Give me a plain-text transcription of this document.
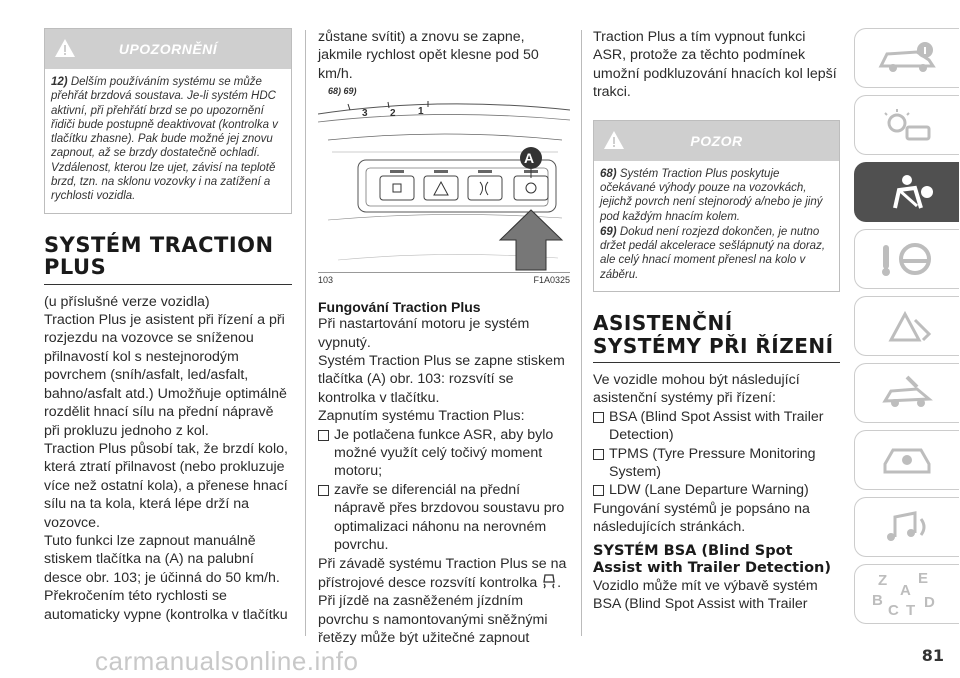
UPOZORNĚNÍ

12) Delším používáním systému se může přehřát brzdová soustava. Je-li systém HDC aktivní, při přehřátí brzd se po upozornění řidiči bude postupně deaktivovat (kontrolka v tlačítku zhasne). Pak bude možné jej znovu zapnout, až se brzdy dostatečně ochladí. Vzdálenost, kterou lze ujet, závisí na teplotě brzd, tzn. na sklonu vozovky i na zatížení a rychlosti vozidla.

SYSTÉM TRACTION PLUS

(u příslušné verze vozidla)

Traction Plus je asistent při řízení a při rozjezdu na vozovce se sníženou přilnavostí kol s nestejnorodým povrchem (sníh/asfalt, led/asfalt, bahno/asfalt atd.) Umožňuje optimálně rozdělit hnací sílu na přední nápravě při prokluzu jednoho z kol.

Traction Plus působí tak, že brzdí kolo, která ztratí přilnavost (nebo prokluzuje více než ostatní kola), a přenese hnací sílu na ta kola, která lépe drží na vozovce.

Tuto funkci lze zapnout manuálně stiskem tlačítka na (A) na palubní desce obr. 103; je účinná do 50 km/h. Překročením této rychlosti se automaticky vypne (kontrolka v tlačítku

zůstane svítit) a znovu se zapne, jakmile rychlost opět klesne pod 50 km/h.

68) 69)
3 2 1
A
103	F1A0325
Fungování Traction Plus

Při nastartování motoru je systém vypnutý.

Systém Traction Plus se zapne stiskem tlačítka (A) obr. 103: rozsvítí se kontrolka v tlačítku.

Zapnutím systému Traction Plus:

Je potlačena funkce ASR, aby bylo možné využít celý točivý moment motoru;
zavře se diferenciál na přední nápravě přes brzdovou soustavu pro optimalizaci náhonu na nerovném povrchu.

Při závadě systému Traction Plus se na přístrojové desce rozsvítí kontrolka .

Při jízdě na zasněženém jízdním povrchu s namontovanými sněžnými řetězy může být užitečné zapnout

Traction Plus a tím vypnout funkci ASR, protože za těchto podmínek umožní podkluzování hnacích kol lepší trakci.

POZOR

68) Systém Traction Plus poskytuje očekávané výhody pouze na vozovkách, jejichž povrch není stejnorodý a/nebo je jiný pod každým hnacím kolem.

69) Dokud není rozjezd dokončen, je nutno držet pedál akcelerace sešlápnutý na doraz, ale celý hnací moment přenesl na kolo v záběru.

ASISTENČNÍ SYSTÉMY PŘI ŘÍZENÍ

Ve vozidle mohou být následující asistenční systémy při řízení:

BSA (Blind Spot Assist with Trailer Detection)
TPMS (Tyre Pressure Monitoring System)
LDW (Lane Departure Warning)

Fungování systémů je popsáno na následujících stránkách.

SYSTÉM BSA (Blind Spot Assist with Trailer Detection)

Vozidlo může mít ve výbavě systém BSA (Blind Spot Assist with Trailer

Z E
A
B
C T D
carmanualsonline.info	81
